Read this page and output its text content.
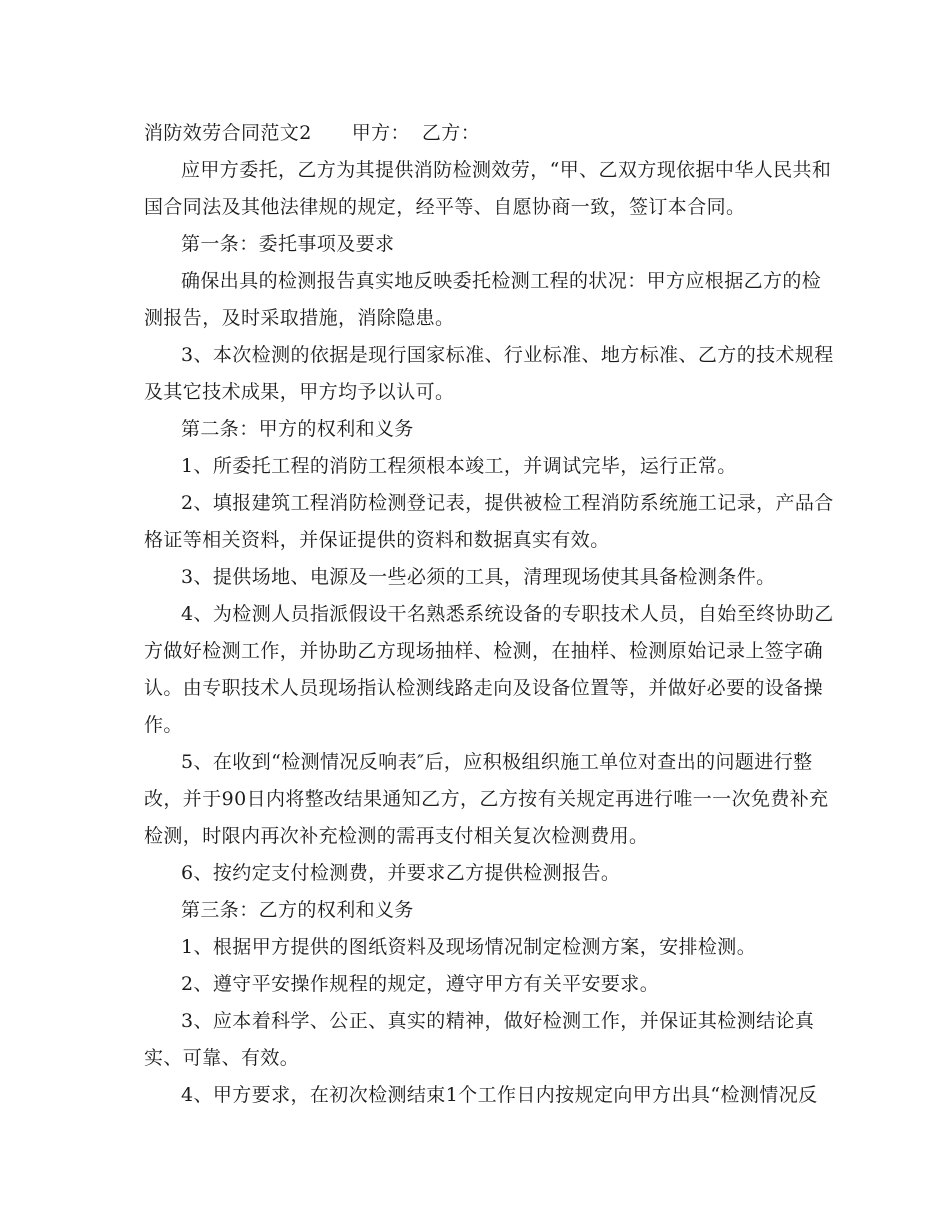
消防效劳合同范文2 甲方： 乙方：
应甲方委托，乙方为其提供消防检测效劳，“甲、乙双方现依据中华人民共和
国合同法及其他法律规的规定，经平等、自愿协商一致，签订本合同。
第一条：委托事项及要求
确保出具的检测报告真实地反映委托检测工程的状况：甲方应根据乙方的检
测报告，及时采取措施，消除隐患。
3、本次检测的依据是现行国家标准、行业标准、地方标准、乙方的技术规程
及其它技术成果，甲方均予以认可。
第二条：甲方的权利和义务
1、所委托工程的消防工程须根本竣工，并调试完毕，运行正常。
2、填报建筑工程消防检测登记表，提供被检工程消防系统施工记录，产品合
格证等相关资料，并保证提供的资料和数据真实有效。
3、提供场地、电源及一些必须的工具，清理现场使其具备检测条件。
4、为检测人员指派假设干名熟悉系统设备的专职技术人员，自始至终协助乙
方做好检测工作，并协助乙方现场抽样、检测，在抽样、检测原始记录上签字确
认。由专职技术人员现场指认检测线路走向及设备位置等，并做好必要的设备操
作。
5、在收到“检测情况反响表″后，应积极组织施工单位对查出的问题进行整
改，并于90日内将整改结果通知乙方，乙方按有关规定再进行唯一一次免费补充
检测，时限内再次补充检测的需再支付相关复次检测费用。
6、按约定支付检测费，并要求乙方提供检测报告。
第三条：乙方的权利和义务
1、根据甲方提供的图纸资料及现场情况制定检测方案，安排检测。
2、遵守平安操作规程的规定，遵守甲方有关平安要求。
3、应本着科学、公正、真实的精神，做好检测工作，并保证其检测结论真
实、可靠、有效。
4、甲方要求，在初次检测结束1个工作日内按规定向甲方出具“检测情况反
